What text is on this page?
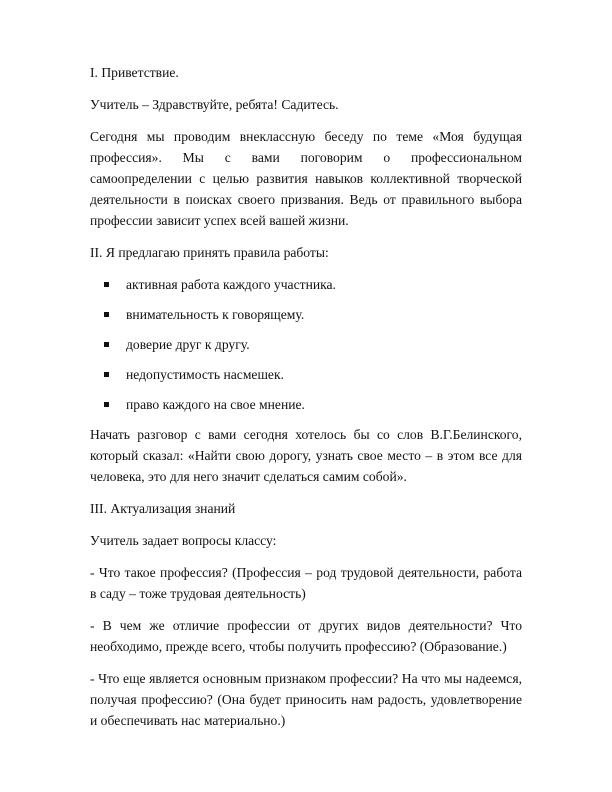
I. Приветствие.

Учитель – Здравствуйте, ребята! Садитесь.

Сегодня мы проводим внеклассную беседу по теме «Моя будущая профессия». Мы с вами поговорим о профессиональном самоопределении с целью развития навыков коллективной творческой деятельности в поисках своего призвания. Ведь от правильного выбора профессии зависит успех всей вашей жизни.

II. Я предлагаю принять правила работы:

активная работа каждого участника.
внимательность к говорящему.
доверие друг к другу.
недопустимость насмешек.
право каждого на свое мнение.

Начать разговор с вами сегодня хотелось бы со слов В.Г.Белинского, который сказал: «Найти свою дорогу, узнать свое место – в этом все для человека, это для него значит сделаться самим собой».

III. Актуализация знаний

Учитель задает вопросы классу:

- Что такое профессия? (Профессия – род трудовой деятельности, работа в саду – тоже трудовая деятельность)

- В чем же отличие профессии от других видов деятельности? Что необходимо, прежде всего, чтобы получить профессию? (Образование.)

- Что еще является основным признаком профессии? На что мы надеемся, получая профессию? (Она будет приносить нам радость, удовлетворение и обеспечивать нас материально.)
